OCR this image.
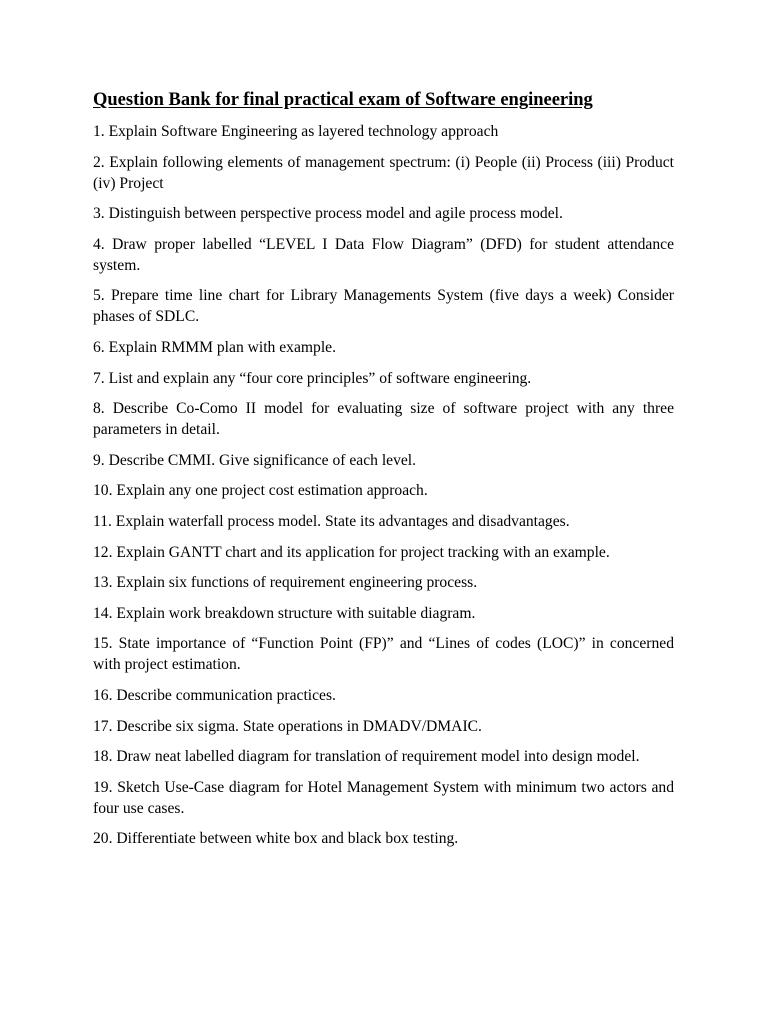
Question Bank for final practical exam of Software engineering
1. Explain Software Engineering as layered technology approach
2. Explain following elements of management spectrum: (i) People (ii) Process (iii) Product (iv) Project
3. Distinguish between perspective process model and agile process model.
4. Draw proper labelled “LEVEL I Data Flow Diagram” (DFD) for student attendance system.
5. Prepare time line chart for Library Managements System (five days a week) Consider phases of SDLC.
6. Explain RMMM plan with example.
7. List and explain any “four core principles” of software engineering.
8. Describe Co-Como II model for evaluating size of software project with any three parameters in detail.
9. Describe CMMI. Give significance of each level.
10. Explain any one project cost estimation approach.
11. Explain waterfall process model. State its advantages and disadvantages.
12. Explain GANTT chart and its application for project tracking with an example.
13. Explain six functions of requirement engineering process.
14. Explain work breakdown structure with suitable diagram.
15. State importance of “Function Point (FP)” and “Lines of codes (LOC)” in concerned with project estimation.
16. Describe communication practices.
17. Describe six sigma. State operations in DMADV/DMAIC.
18. Draw neat labelled diagram for translation of requirement model into design model.
19. Sketch Use-Case diagram for Hotel Management System with minimum two actors and four use cases.
20. Differentiate between white box and black box testing.
